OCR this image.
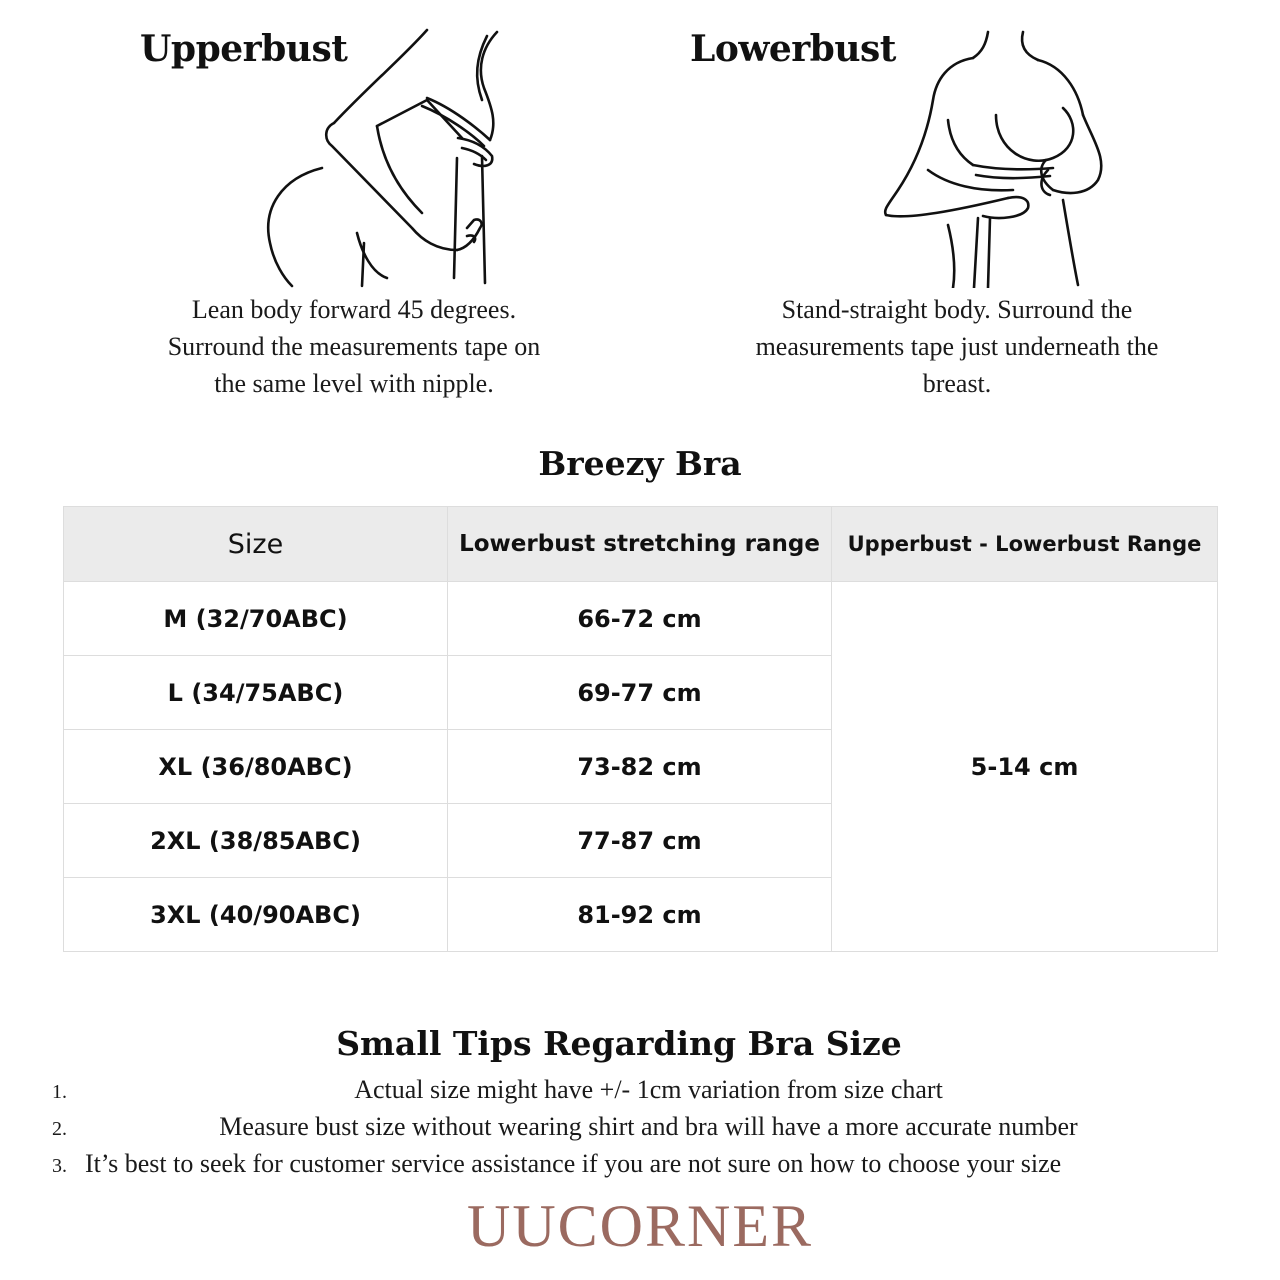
Upperbust

Lean body forward 45 degrees.
Surround the measurements tape on
the same level with nipple.

Lowerbust

Stand-straight body. Surround the
measurements tape just underneath the
breast.

Breezy Bra
Size	Lowerbust stretching range	Upperbust - Lowerbust Range
M (32/70ABC)	66-72 cm	5-14 cm
L (34/75ABC)	69-77 cm	
XL (36/80ABC)	73-82 cm	
2XL (38/85ABC)	77-87 cm	
3XL (40/90ABC)	81-92 cm	
Small Tips Regarding Bra Size
1.	Actual size might have +/- 1cm variation from size chart
2.	Measure bust size without wearing shirt and bra will have a more accurate number
3. It’s best to seek for customer service assistance if you are not sure on how to choose your size

UUCORNER
